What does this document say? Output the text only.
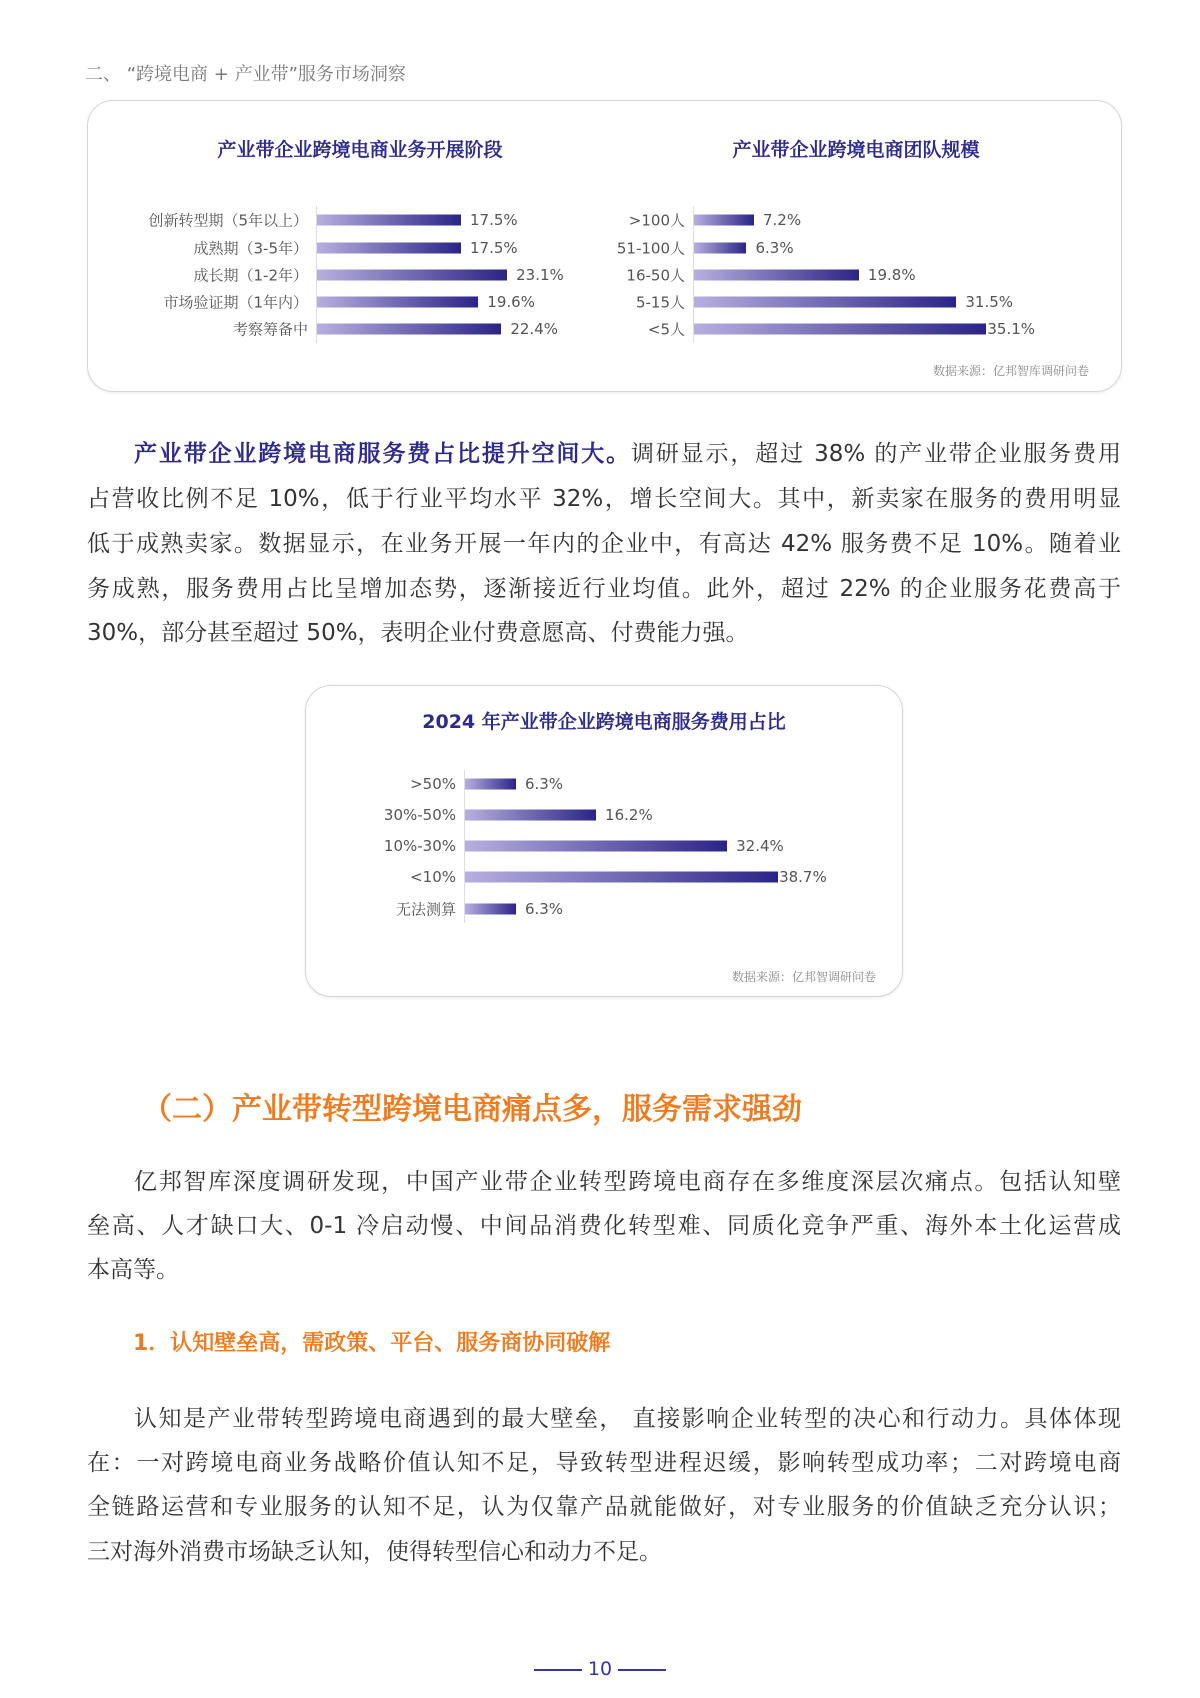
二、 “跨境电商 + 产业带”服务市场洞察
产业带企业跨境电商业务开展阶段	产业带企业跨境电商团队规模
创新转型期（5年以上）	17.5%
成熟期（3-5年）	17.5%
成长期（1-2年）	23.1%
市场验证期（1年内）	19.6%
考察筹备中	22.4%
>100人	7.2%
51-100人	6.3%
16-50人	19.8%
5-15人	31.5%
<5人	35.1%
数据来源：亿邦智库调研问卷
产业带企业跨境电商服务费占比提升空间大。调研显示，超过 38% 的产业带企业服务费用
占营收比例不足 10%，低于行业平均水平 32%，增长空间大。其中，新卖家在服务的费用明显
低于成熟卖家。数据显示，在业务开展一年内的企业中，有高达 42% 服务费不足 10%。随着业
务成熟，服务费用占比呈增加态势，逐渐接近行业均值。此外，超过 22% 的企业服务花费高于
30%，部分甚至超过 50%，表明企业付费意愿高、付费能力强。
2024 年产业带企业跨境电商服务费用占比
>50%	6.3%
30%-50%	16.2%
10%-30%	32.4%
<10%	38.7%
无法测算	6.3%
数据来源：亿邦智调研问卷
（二）产业带转型跨境电商痛点多，服务需求强劲
亿邦智库深度调研发现，中国产业带企业转型跨境电商存在多维度深层次痛点。包括认知壁
垒高、人才缺口大、0-1 冷启动慢、中间品消费化转型难、同质化竞争严重、海外本土化运营成
本高等。
1．认知壁垒高，需政策、平台、服务商协同破解
认知是产业带转型跨境电商遇到的最大壁垒， 直接影响企业转型的决心和行动力。具体体现
在：一对跨境电商业务战略价值认知不足，导致转型进程迟缓，影响转型成功率；二对跨境电商
全链路运营和专业服务的认知不足，认为仅靠产品就能做好，对专业服务的价值缺乏充分认识；
三对海外消费市场缺乏认知，使得转型信心和动力不足。
10
